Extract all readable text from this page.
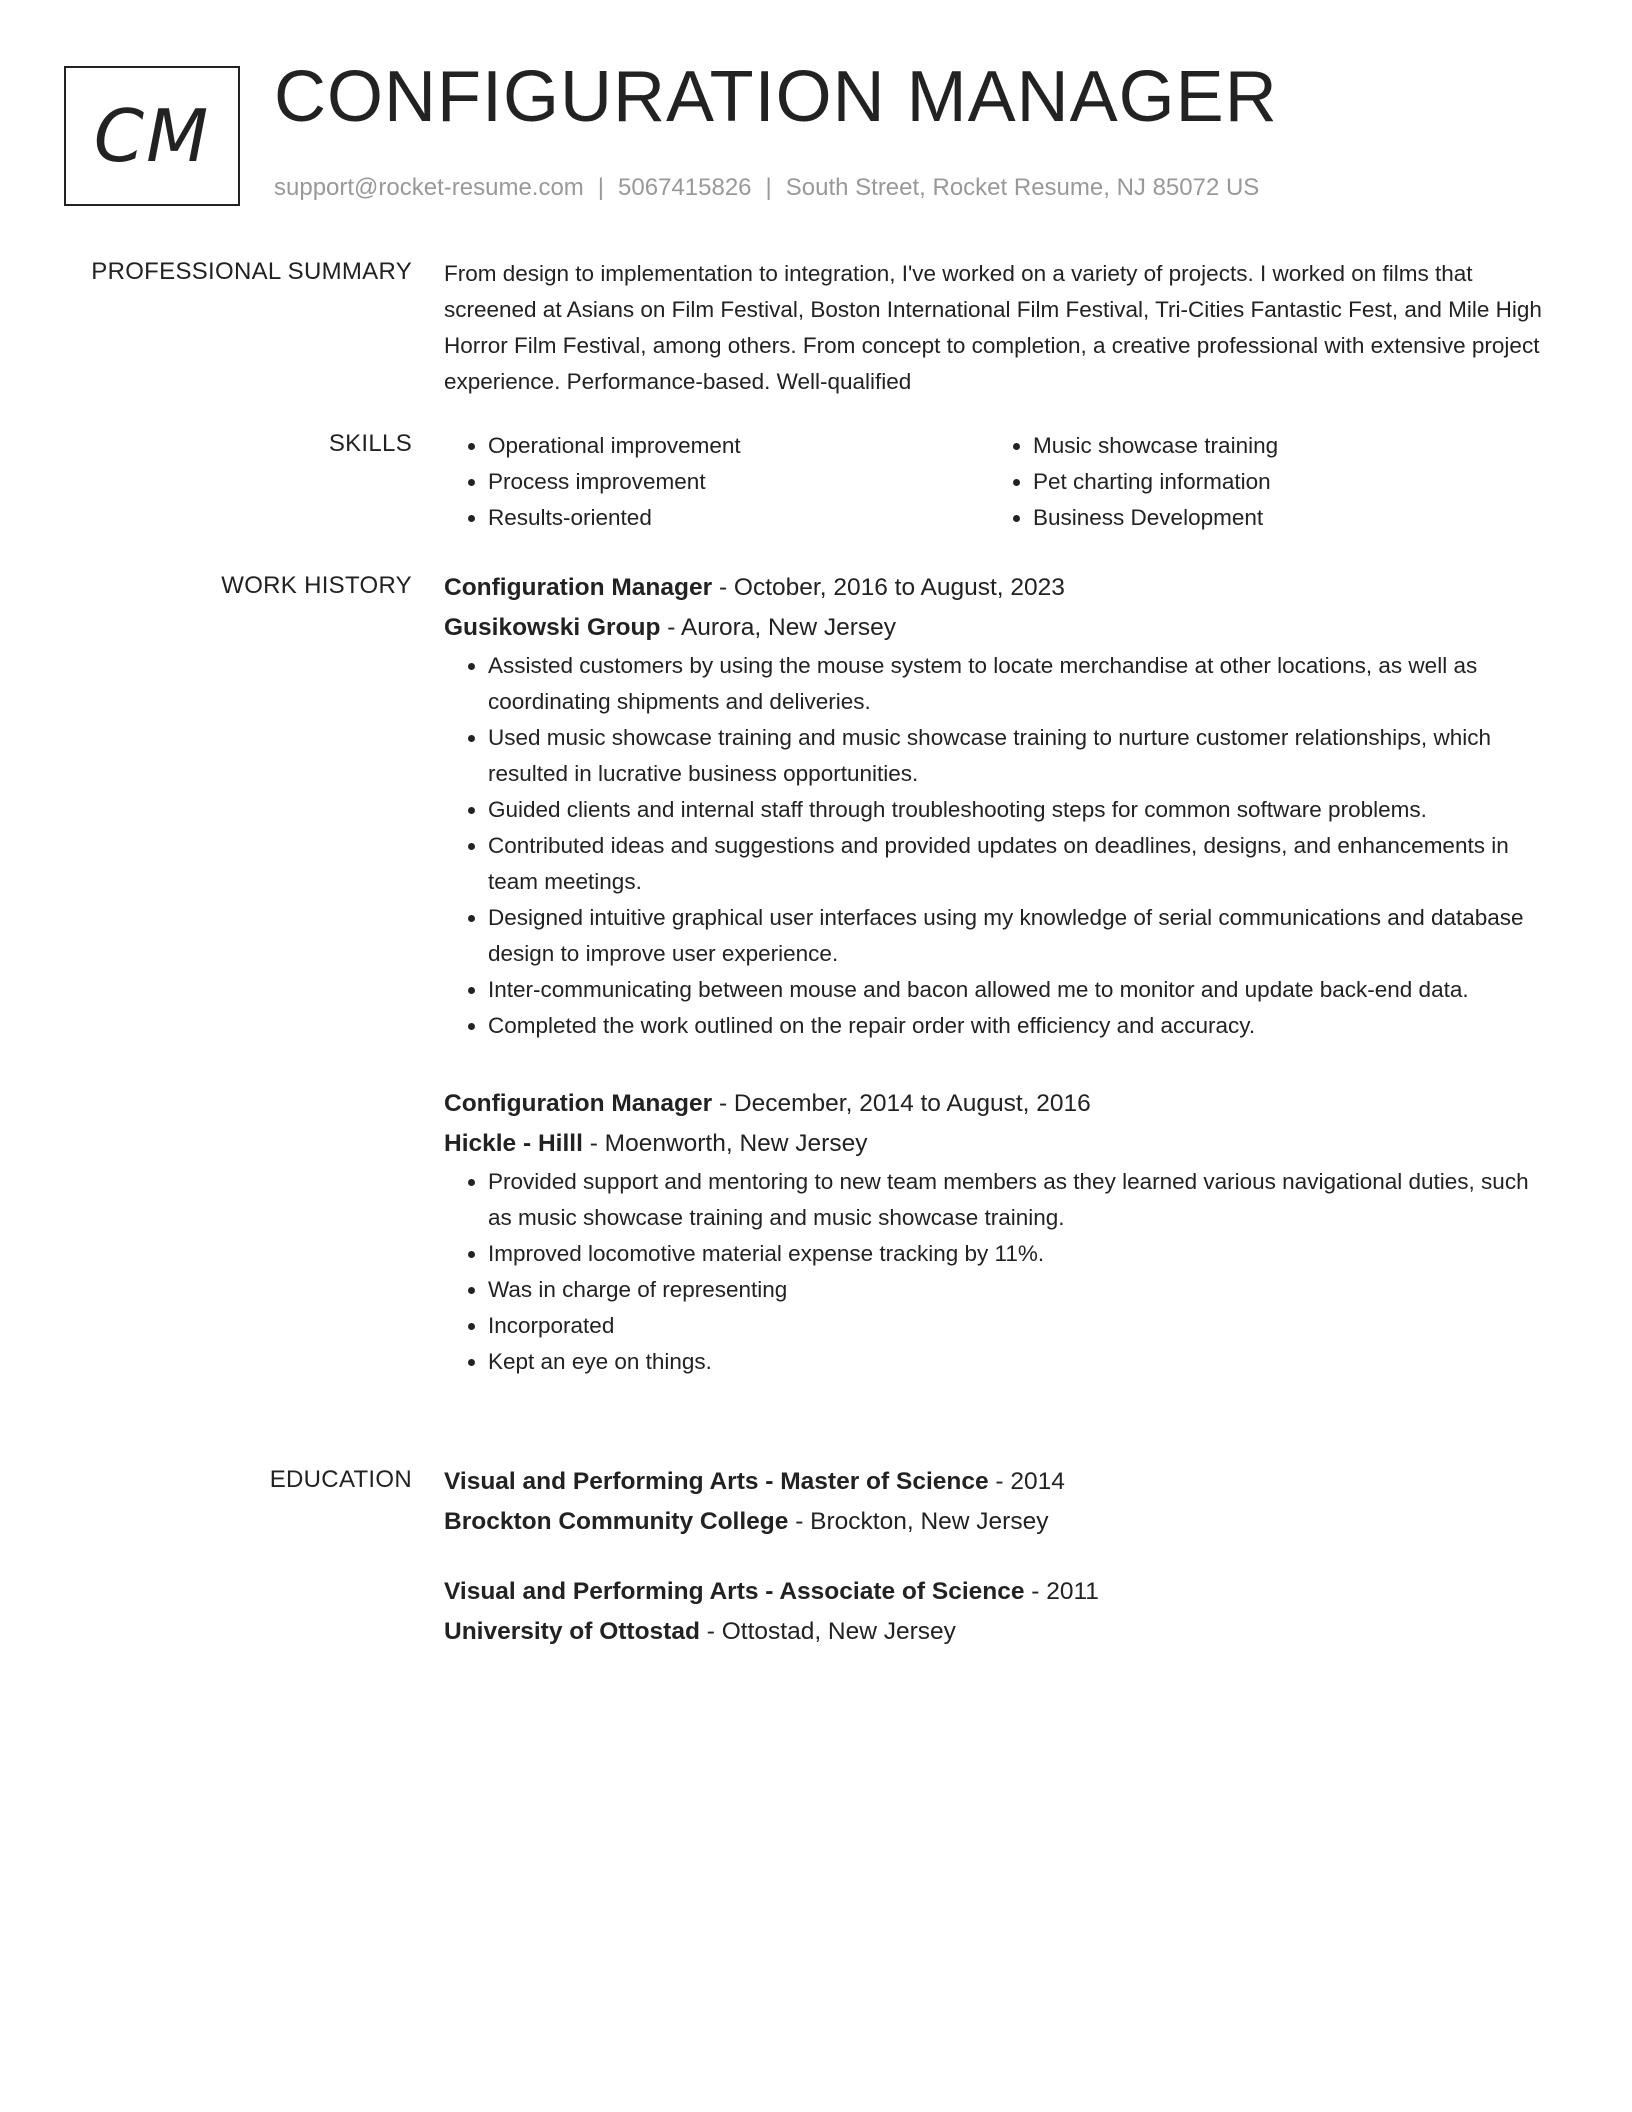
CM CONFIGURATION MANAGER
support@rocket-resume.com | 5067415826 | South Street, Rocket Resume, NJ 85072 US
PROFESSIONAL SUMMARY From design to implementation to integration, I've worked on a variety of projects. I worked on films that screened at Asians on Film Festival, Boston International Film Festival, Tri-Cities Fantastic Fest, and Mile High Horror Film Festival, among others. From concept to completion, a creative professional with extensive project experience. Performance-based. Well-qualified

SKILLS
•	Operational improvement
• Process improvement
• Results-oriented
• Music showcase training
• Pet charting information
• Business Development
WORK HISTORY Configuration Manager - October, 2016 to August, 2023
Gusikowski Group - Aurora, New Jersey
• Assisted customers by using the mouse system to locate merchandise at other locations, as well as coordinating shipments and deliveries.
• Used music showcase training and music showcase training to nurture customer relationships, which resulted in lucrative business opportunities.
• Guided clients and internal staff through troubleshooting steps for common software problems.
• Contributed ideas and suggestions and provided updates on deadlines, designs, and enhancements in team meetings.
• Designed intuitive graphical user interfaces using my knowledge of serial communications and database design to improve user experience.
• Inter-communicating between mouse and bacon allowed me to monitor and update back-end data.
• Completed the work outlined on the repair order with efficiency and accuracy.
Configuration Manager - December, 2014 to August, 2016
Hickle - Hilll - Moenworth, New Jersey
• Provided support and mentoring to new team members as they learned various navigational duties, such as music showcase training and music showcase training.
• Improved locomotive material expense tracking by 11%.
• Was in charge of representing
• Incorporated
• Kept an eye on things.
EDUCATION Visual and Performing Arts - Master of Science - 2014
Brockton Community College - Brockton, New Jersey
Visual and Performing Arts - Associate of Science - 2011
University of Ottostad - Ottostad, New Jersey
